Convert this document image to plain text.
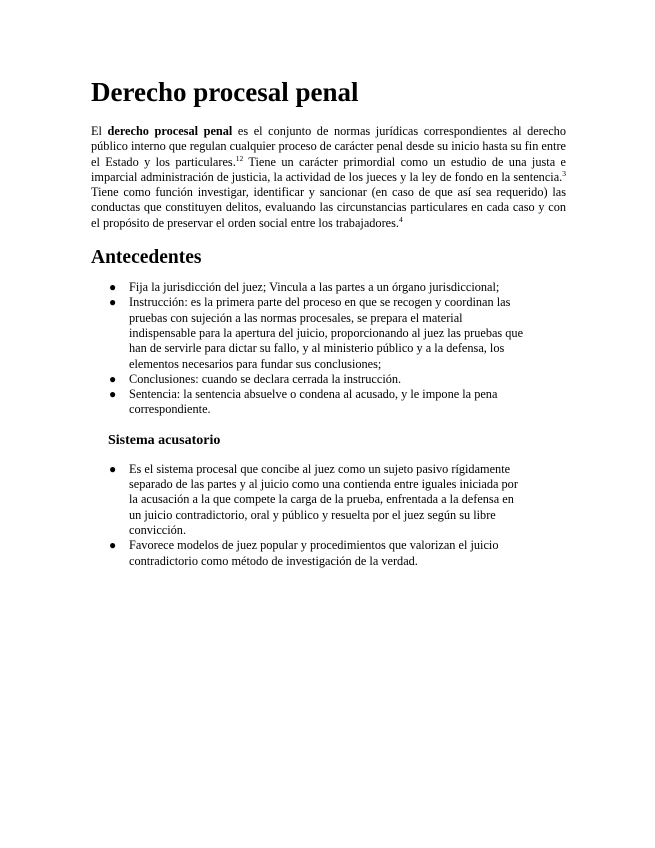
Derecho procesal penal

El derecho procesal penal es el conjunto de normas jurídicas correspondientes al derecho público interno que regulan cualquier proceso de carácter penal desde su inicio hasta su fin entre el Estado y los particulares.$^{12}$ Tiene un carácter primordial como un estudio de una justa e imparcial administración de justicia, la actividad de los jueces y la ley de fondo en la sentencia.$^3$ Tiene como función investigar, identificar y sancionar (en caso de que así sea requerido) las conductas que constituyen delitos, evaluando las circunstancias particulares en cada caso y con el propósito de preservar el orden social entre los trabajadores.$^4$

Antecedentes
● Fija la jurisdicción del juez; Vincula a las partes a un órgano jurisdiccional;
● Instrucción: es la primera parte del proceso en que se recogen y coordinan las pruebas con sujeción a las normas procesales, se prepara el material indispensable para la apertura del juicio, proporcionando al juez las pruebas que han de servirle para dictar su fallo, y al ministerio público y a la defensa, los elementos necesarios para fundar sus conclusiones;
● Conclusiones: cuando se declara cerrada la instrucción.
● Sentencia: la sentencia absuelve o condena al acusado, y le impone la pena correspondiente.
Sistema acusatorio
● Es el sistema procesal que concibe al juez como un sujeto pasivo rígidamente separado de las partes y al juicio como una contienda entre iguales iniciada por la acusación a la que compete la carga de la prueba, enfrentada a la defensa en un juicio contradictorio, oral y público y resuelta por el juez según su libre convicción.
● Favorece modelos de juez popular y procedimientos que valorizan el juicio contradictorio como método de investigación de la verdad.
